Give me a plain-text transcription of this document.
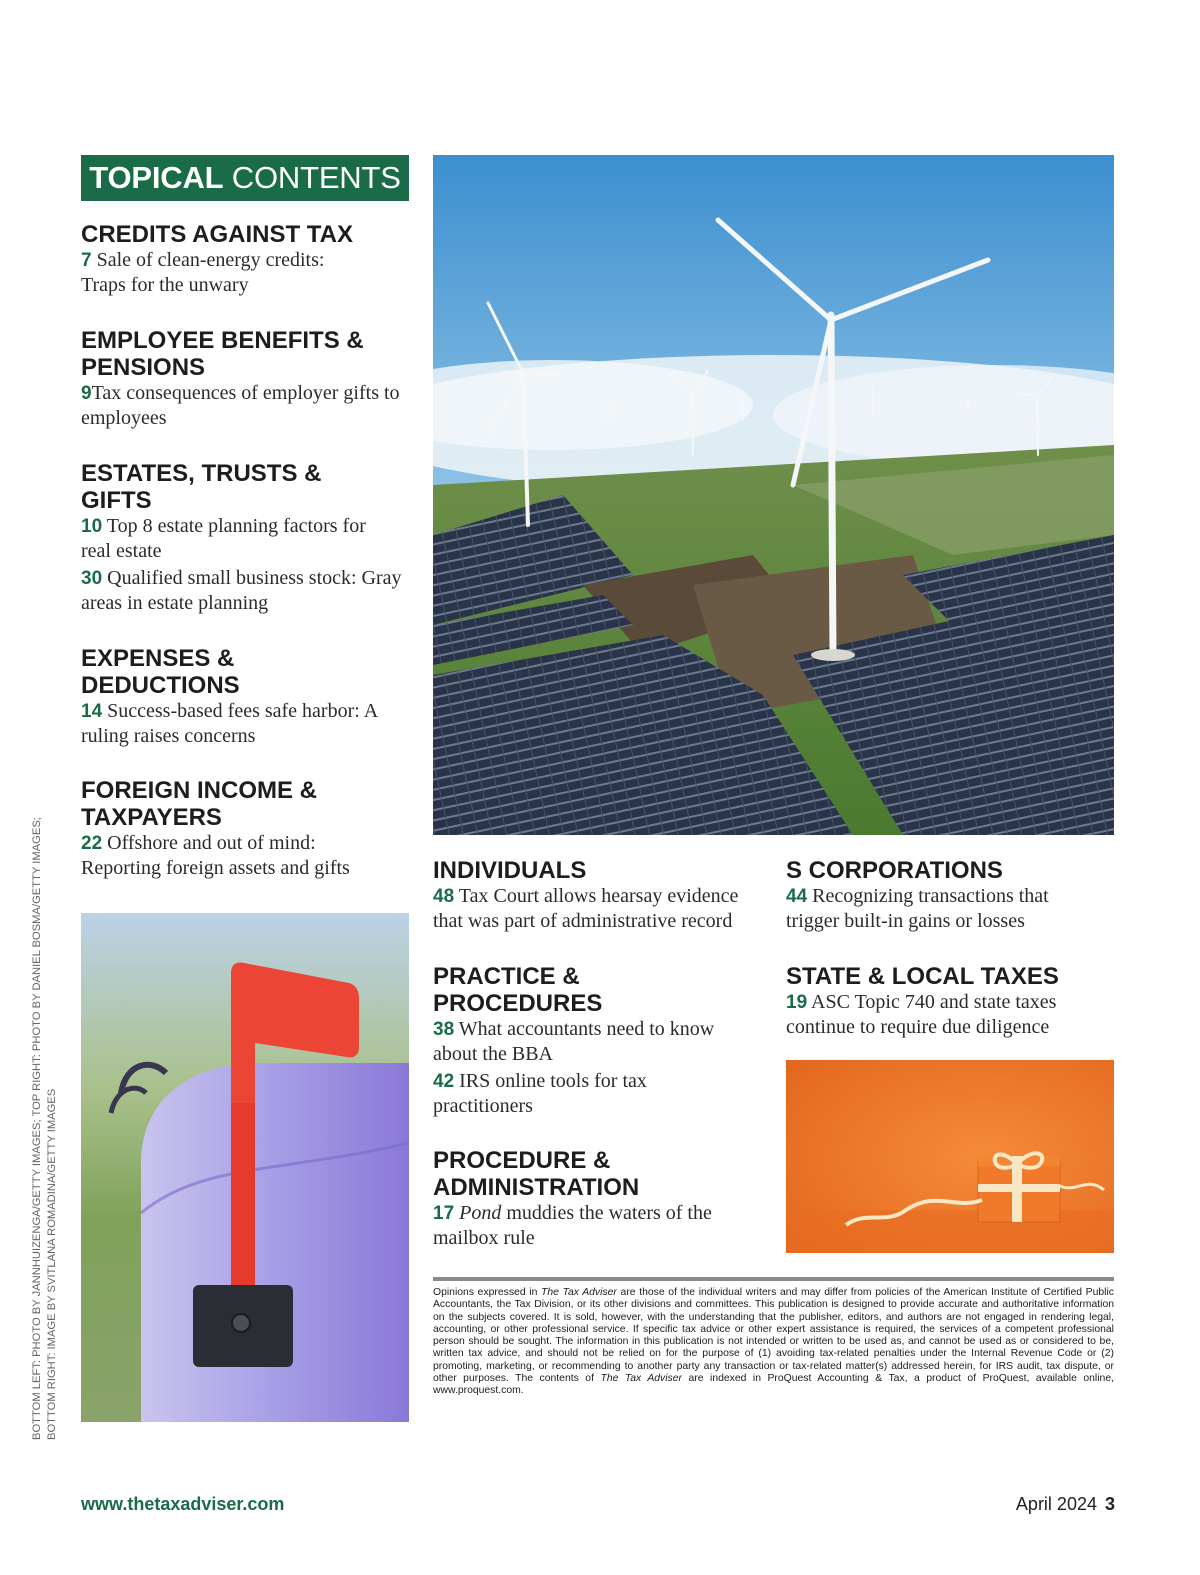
TOPICAL CONTENTS

CREDITS AGAINST TAX

7 Sale of clean-energy credits: Traps for the unwary

EMPLOYEE BENEFITS & PENSIONS

9Tax consequences of employer gifts to employees

ESTATES, TRUSTS & GIFTS

10 Top 8 estate planning factors for real estate

30 Qualified small business stock: Gray areas in estate planning

EXPENSES & DEDUCTIONS

14 Success-based fees safe harbor: A ruling raises concerns

FOREIGN INCOME & TAXPAYERS

22 Offshore and out of mind: Reporting foreign assets and gifts	INDIVIDUALS

48 Tax Court allows hearsay evidence that was part of administrative record

PRACTICE & PROCEDURES

38 What accountants need to know about the BBA

42 IRS online tools for tax practitioners

PROCEDURE & ADMINISTRATION

17 Pond muddies the waters of the mailbox rule

S CORPORATIONS

44 Recognizing transactions that trigger built-in gains or losses

STATE & LOCAL TAXES

19 ASC Topic 740 and state taxes continue to require due diligence

BOTTOM LEFT: PHOTO BY JANNHUIZENGA/GETTY IMAGES; TOP RIGHT: PHOTO BY DANIEL BOSMA/GETTY IMAGES; BOTTOM RIGHT: IMAGE BY SVITLANA ROMADINA/GETTY IMAGES	Opinions expressed in The Tax Adviser are those of the individual writers and may differ from policies of the American Institute of Certified Public Accountants, the Tax Division, or its other divisions and committees. This publication is designed to provide accurate and authoritative information on the subjects covered. It is sold, however, with the understanding that the publisher, editors, and authors are not engaged in rendering legal, accounting, or other professional service. If specific tax advice or other expert assistance is required, the services of a competent professional person should be sought. The information in this publication is not intended or written to be used as, and cannot be used as or considered to be, written tax advice, and should not be relied on for the purpose of (1) avoiding tax-related penalties under the Internal Revenue Code or (2) promoting, marketing, or recommending to another party any transaction or tax-related matter(s) addressed herein, for IRS audit, tax dispute, or other purposes. The contents of The Tax Adviser are indexed in ProQuest Accounting & Tax, a product of ProQuest, available online, www.proquest.com.
www.thetaxadviser.com	April 2024 3
